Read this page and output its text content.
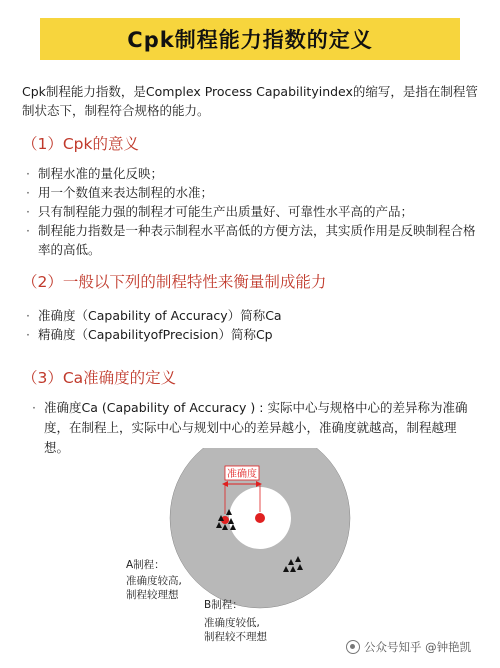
Cpk制程能力指数的定义

Cpk制程能力指数，是Complex Process Capabilityindex的缩写，是指在制程管制状态下，制程符合规格的能力。

（1）Cpk的意义
· 制程水准的量化反映；
· 用一个数值来表达制程的水准；
· 只有制程能力强的制程才可能生产出质量好、可靠性水平高的产品；
· 制程能力指数是一种表示制程水平高低的方便方法，其实质作用是反映制程合格率的高低。
（2）一般以下列的制程特性来衡量制成能力
· 准确度（Capability of Accuracy）简称Ca
· 精确度（CapabilityofPrecision）简称Cp
（3）Ca准确度的定义
· 准确度Ca (Capability of Accuracy ) : 实际中心与规格中心的差异称为准确度，在制程上，实际中心与规划中心的差异越小，准确度就越高，制程越理想。
准确度
A制程：
准确度较高,
制程较理想
B制程：
准确度较低,
制程较不理想
公众号知乎 @钟艳凯
